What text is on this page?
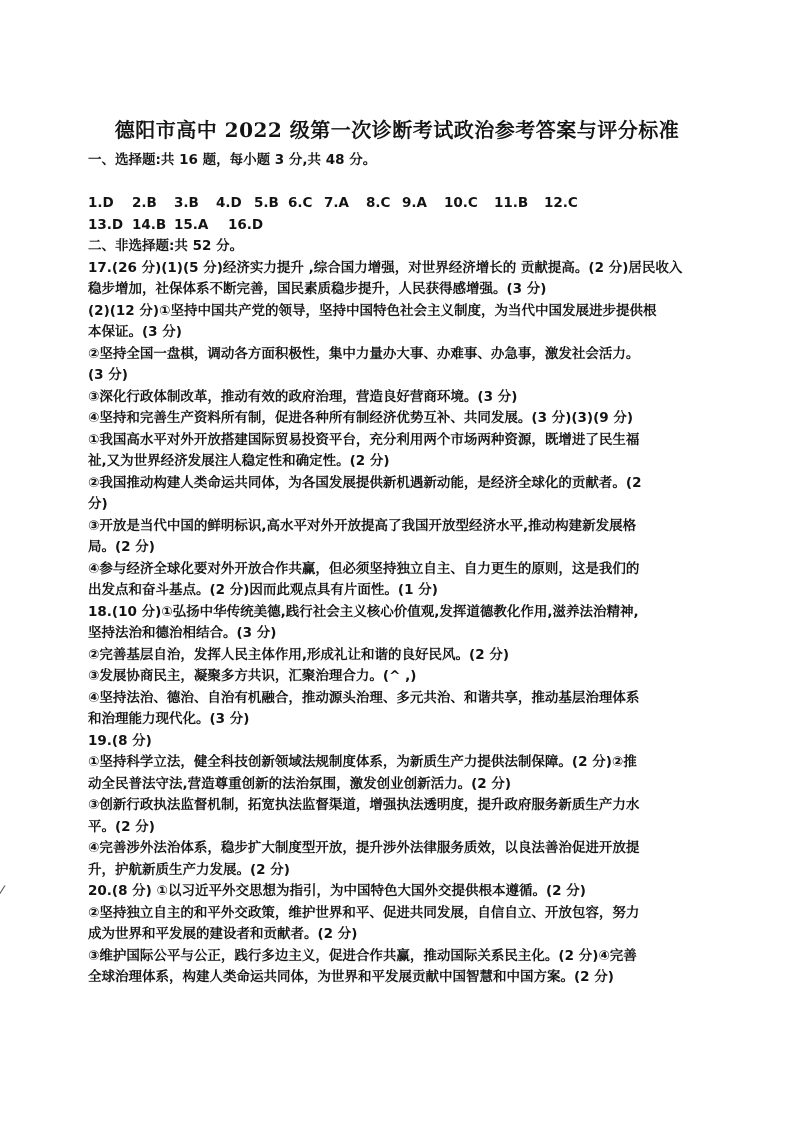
德阳市高中 2022 级第一次诊断考试政治参考答案与评分标准
一、选择题:共 16 题，每小题 3 分,共 48 分。
1.D 2.B 3.B 4.D 5.B 6.C 7.A 8.C 9.A 10.C 11.B 12.C
13.D 14.B 15.A 16.D
二、非选择题:共 52 分。
17.(26 分)(1)(5 分)经济实力提升 ,综合国力增强，对世界经济增长的 贡献提高。(2 分)居民收入
稳步增加，社保体系不断完善，国民素质稳步提升，人民获得感增强。(3 分)
(2)(12 分)①坚持中国共产党的领导，坚持中国特色社会主义制度，为当代中国发展进步提供根
本保证。(3 分)
②坚持全国一盘棋，调动各方面积极性，集中力量办大事、办难事、办急事，激发社会活力。
(3 分)
③深化行政体制改革，推动有效的政府治理，营造良好营商环境。(3 分)
④坚持和完善生产资料所有制，促进各种所有制经济优势互补、共同发展。(3 分)(3)(9 分)
①我国高水平对外开放搭建国际贸易投资平台，充分利用两个市场两种资源，既增进了民生福
祉,又为世界经济发展注人稳定性和确定性。(2 分)
②我国推动构建人类命运共同体，为各国发展提供新机遇新动能，是经济全球化的贡献者。(2
分)
③开放是当代中国的鲜明标识,高水平对外开放提高了我国开放型经济水平,推动构建新发展格
局。(2 分)
④参与经济全球化要对外开放合作共赢，但必须坚持独立自主、自力更生的原则，这是我们的
出发点和奋斗基点。(2 分)因而此观点具有片面性。(1 分)
18.(10 分)①弘扬中华传统美德,践行社会主义核心价值观,发挥道德教化作用,滋养法治精神,
坚持法治和德治相结合。(3 分)
②完善基层自治，发挥人民主体作用,形成礼让和谐的良好民风。(2 分)
③发展协商民主，凝聚多方共识，汇聚治理合力。(^ ,)
④坚持法治、德治、自治有机融合，推动源头治理、多元共治、和谐共享，推动基层治理体系
和治理能力现代化。(3 分)
19.(8 分)
①坚持科学立法，健全科技创新领域法规制度体系，为新质生产力提供法制保障。(2 分)②推
动全民普法守法,营造尊重创新的法治氛围，激发创业创新活力。(2 分)
③创新行政执法监督机制，拓宽执法监督渠道，增强执法透明度，提升政府服务新质生产力水
平。(2 分)
④完善涉外法治体系，稳步扩大制度型开放，提升涉外法律服务质效，以良法善治促进开放提
升，护航新质生产力发展。(2 分)
20.(8 分) ①以习近平外交思想为指引，为中国特色大国外交提供根本遵循。(2 分)
②坚持独立自主的和平外交政策，维护世界和平、促进共同发展，自信自立、开放包容，努力
成为世界和平发展的建设者和贡献者。(2 分)
③维护国际公平与公正，践行多边主义，促进合作共赢，推动国际关系民主化。(2 分)④完善
全球治理体系，构建人类命运共同体，为世界和平发展贡献中国智慧和中国方案。(2 分)
⁄
